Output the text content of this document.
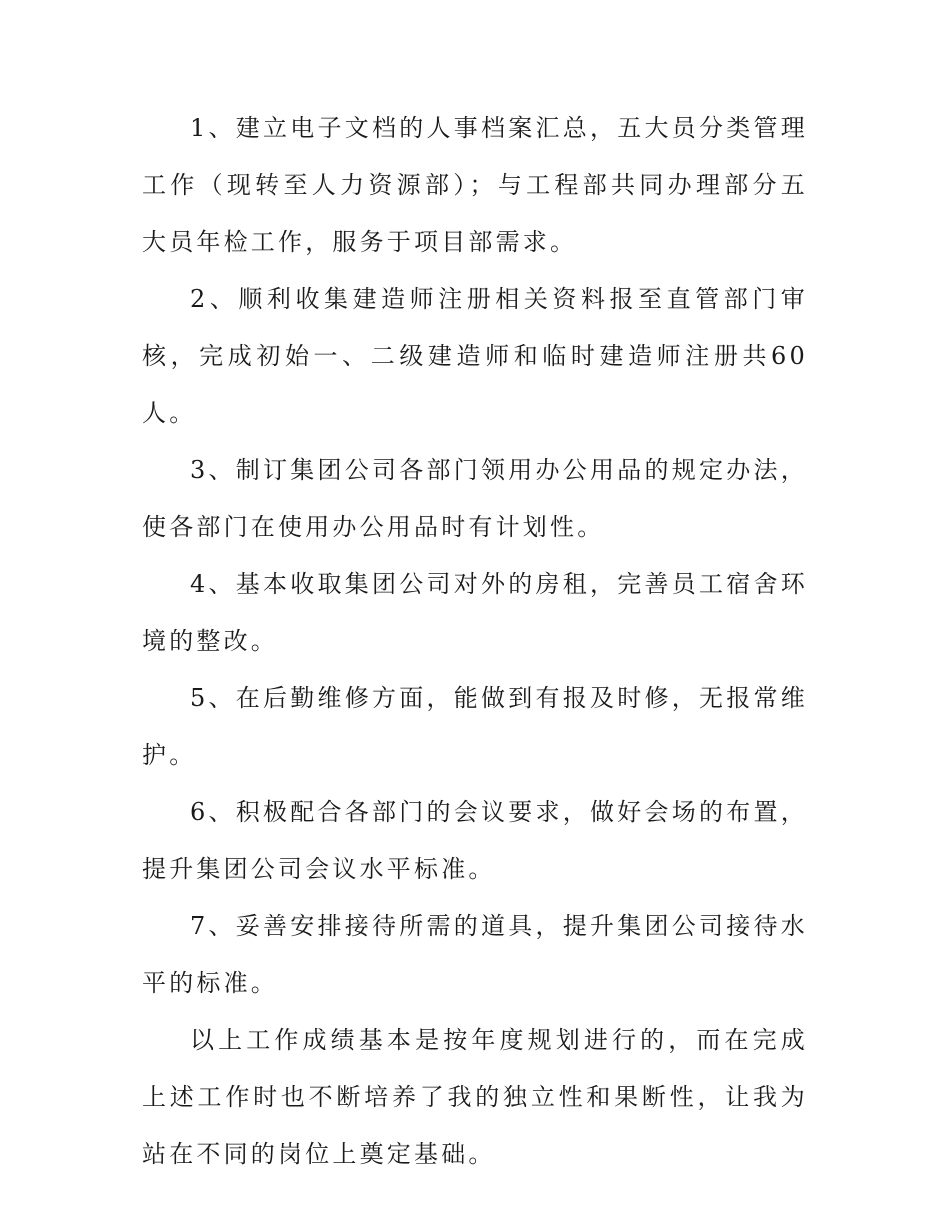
1、建立电子文档的人事档案汇总，五大员分类管理工作（现转至人力资源部）；与工程部共同办理部分五大员年检工作，服务于项目部需求。

2、顺利收集建造师注册相关资料报至直管部门审核，完成初始一、二级建造师和临时建造师注册共60人。

3、制订集团公司各部门领用办公用品的规定办法，使各部门在使用办公用品时有计划性。

4、基本收取集团公司对外的房租，完善员工宿舍环境的整改。

5、在后勤维修方面，能做到有报及时修，无报常维护。

6、积极配合各部门的会议要求，做好会场的布置，提升集团公司会议水平标准。

7、妥善安排接待所需的道具，提升集团公司接待水平的标准。

以上工作成绩基本是按年度规划进行的，而在完成上述工作时也不断培养了我的独立性和果断性，让我为站在不同的岗位上奠定基础。
